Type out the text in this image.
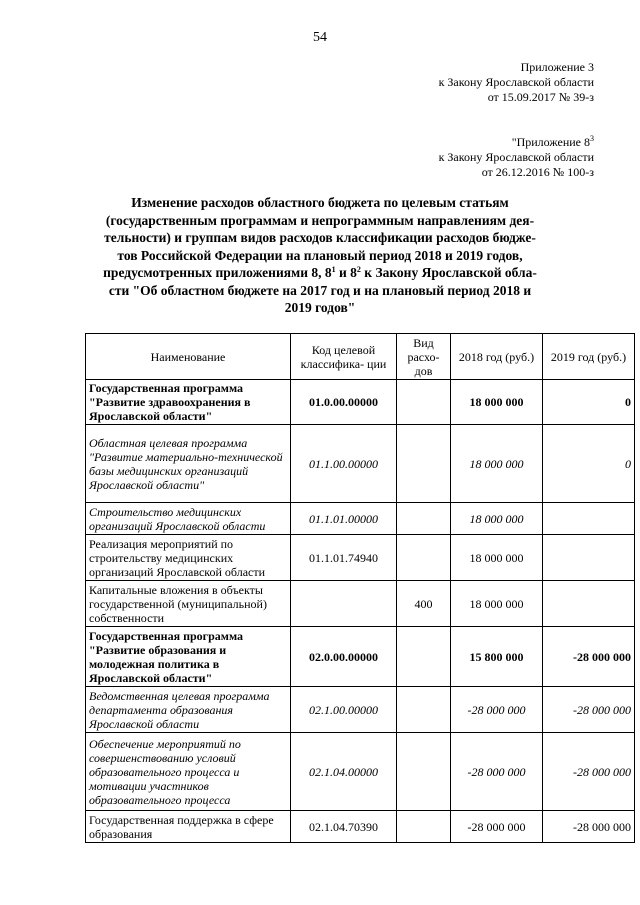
54
Приложение 3
к Закону Ярославской области
от 15.09.2017 № 39-з
"Приложение $8^3$
к Закону Ярославской области
от 26.12.2016 № 100-з
Изменение расходов областного бюджета по целевым статьям
(государственным программам и непрограммным направлениям дея-
тельности) и группам видов расходов классификации расходов бюдже-
тов Российской Федерации на плановый период 2018 и 2019 годов,
предусмотренных приложениями 8, $8^1$ и $8^2$ к Закону Ярославской обла-
сти "Об областном бюджете на 2017 год и на плановый период 2018 и
2019 годов"
Наименование	Код целевой классифика- ции	Вид расхо- дов	2018 год (руб.)	2019 год (руб.)
Государственная программа "Развитие здравоохранения в Ярославской области"	01.0.00.00000		18 000 000	0
Областная целевая программа "Развитие материально-технической базы медицинских организаций Ярославской области"	01.1.00.00000		18 000 000	0
Строительство медицинских организаций Ярославской области	01.1.01.00000		18 000 000	
Реализация мероприятий по строительству медицинских организаций Ярославской области	01.1.01.74940		18 000 000	
Капитальные вложения в объекты государственной (муниципальной) собственности		400	18 000 000	
Государственная программа "Развитие образования и молодежная политика в Ярославской области"	02.0.00.00000		15 800 000	-28 000 000
Ведомственная целевая программа департамента образования Ярославской области	02.1.00.00000		-28 000 000	-28 000 000
Обеспечение мероприятий по совершенствованию условий образовательного процесса и мотивации участников образовательного процесса	02.1.04.00000		-28 000 000	-28 000 000
Государственная поддержка в сфере образования	02.1.04.70390		-28 000 000	-28 000 000
